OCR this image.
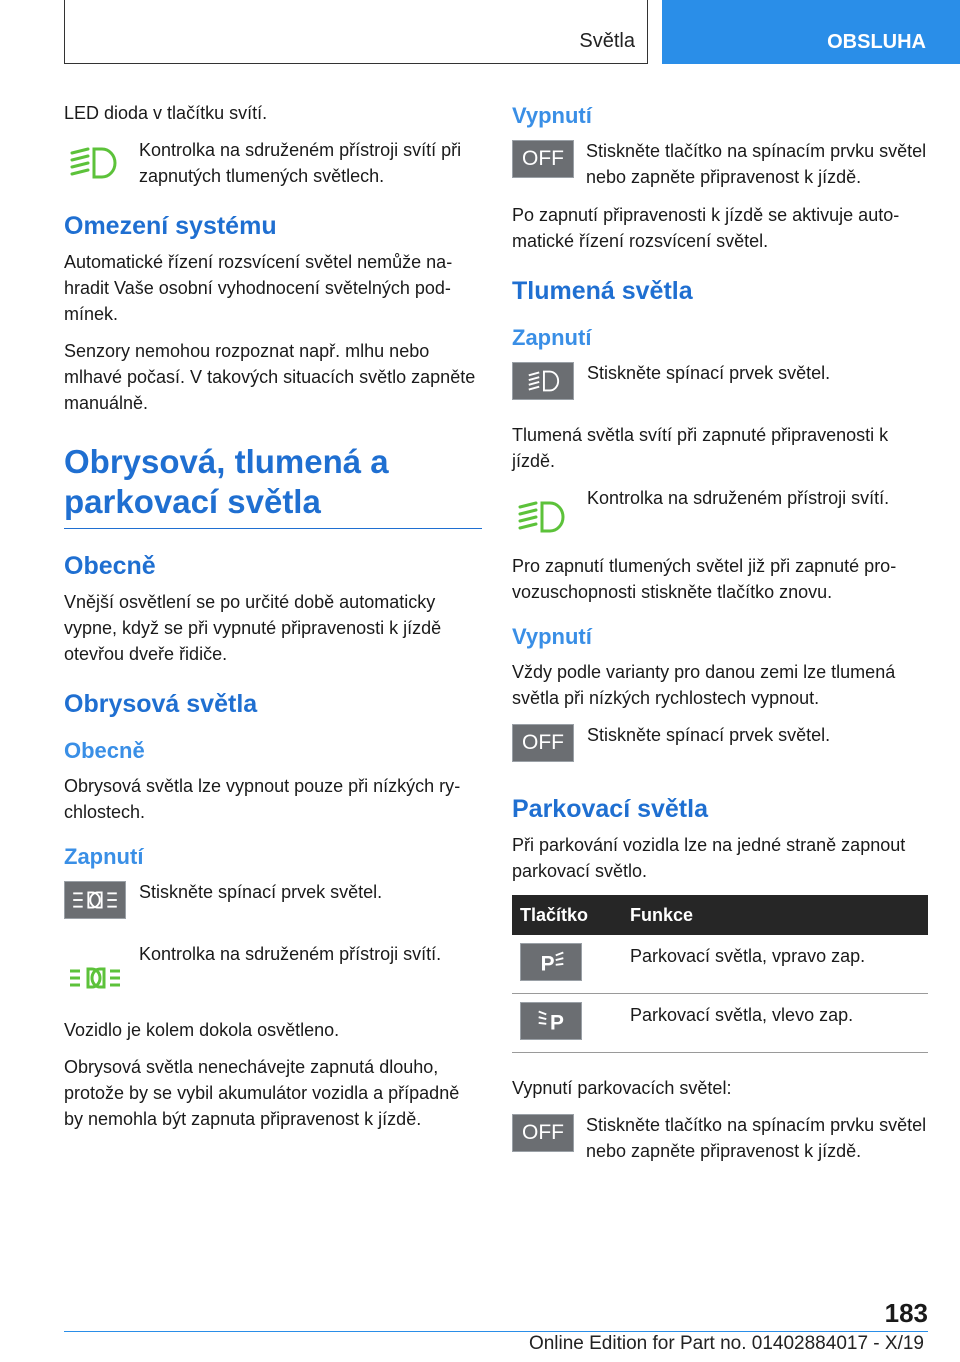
Světla	OBSLUHA

LED dioda v tlačítku svítí.

Kontrolka na sdruženém přístroji svítí při zapnutých tlumených světlech.

Omezení systému

Automatické řízení rozsvícení světel nemůže nahradit Vaše osobní vyhodnocení světelných podmínek.

Senzory nemohou rozpoznat např. mlhu nebo mlhavé počasí. V takových situacích světlo zapněte manuálně.

Obrysová, tlumená a parkovací světla
Obecně

Vnější osvětlení se po určité době automaticky vypne, když se při vypnuté připravenosti k jízdě otevřou dveře řidiče.

Obrysová světla
Obecně

Obrysová světla lze vypnout pouze při nízkých rychlostech.

Zapnutí

Stiskněte spínací prvek světel.

Kontrolka na sdruženém přístroji svítí.

Vozidlo je kolem dokola osvětleno.

Obrysová světla nenechávejte zapnutá dlouho, protože by se vybil akumulátor vozidla a případně by nemohla být zapnuta připravenost k jízdě.

Vypnutí
OFF	Stiskněte tlačítko na spínacím prvku světel nebo zapněte připravenost k jízdě.

Po zapnutí připravenosti k jízdě se aktivuje automatické řízení rozsvícení světel.

Tlumená světla
Zapnutí

Stiskněte spínací prvek světel.

Tlumená světla svítí při zapnuté připravenosti k jízdě.

Kontrolka na sdruženém přístroji svítí.

Pro zapnutí tlumených světel již při zapnuté provozuschopnosti stiskněte tlačítko znovu.

Vypnutí

Vždy podle varianty pro danou zemi lze tlumená světla při nízkých rychlostech vypnout.

OFF	Stiskněte spínací prvek světel.

Parkovací světla

Při parkování vozidla lze na jedné straně zapnout parkovací světlo.

Tlačítko	Funkce

P	Parkovací světla, vpravo zap.

P	Parkovací světla, vlevo zap.

Vypnutí parkovacích světel:

OFF	Stiskněte tlačítko na spínacím prvku světel nebo zapněte připravenost k jízdě.
183
Online Edition for Part no. 01402884017 - X/19
